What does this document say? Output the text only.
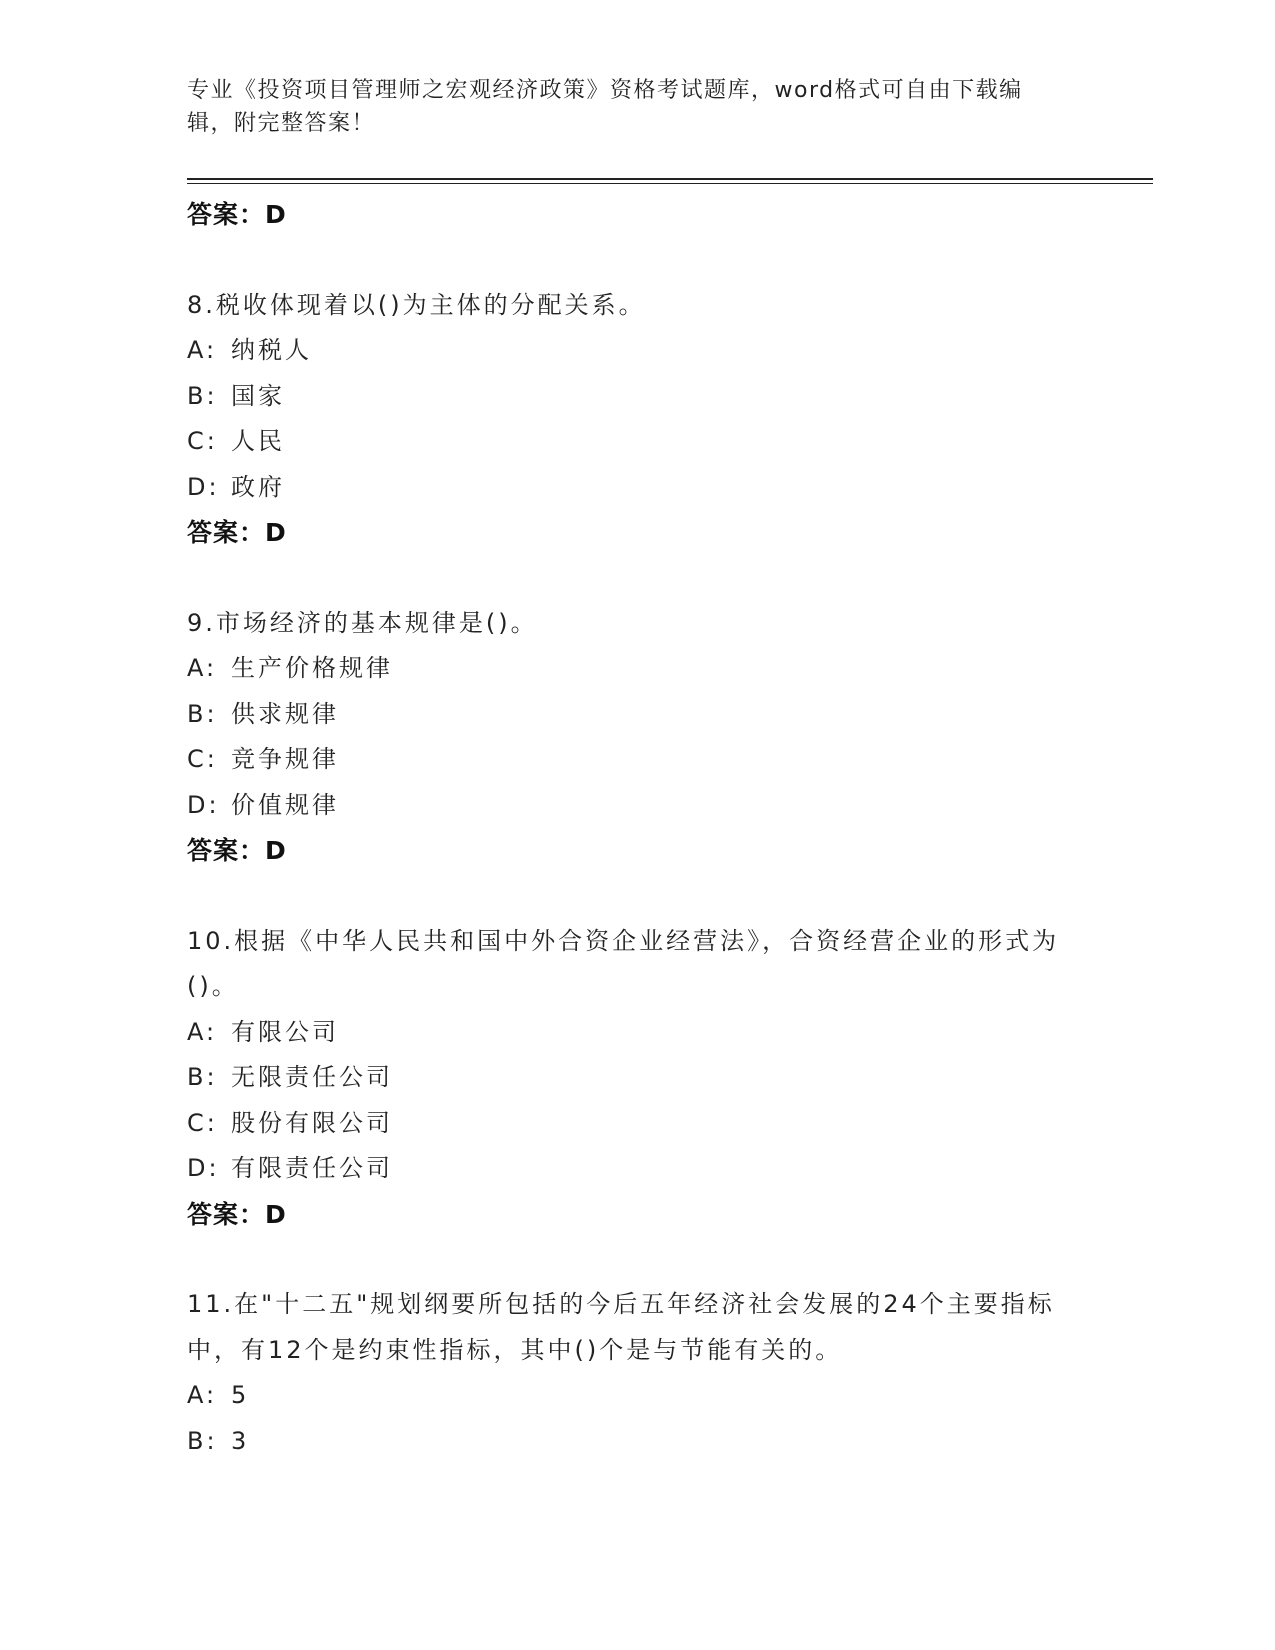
专业《投资项目管理师之宏观经济政策》资格考试题库，word格式可自由下载编辑，附完整答案！
答案：D
8.税收体现着以()为主体的分配关系。
A: 纳税人
B: 国家
C: 人民
D: 政府
答案：D
9.市场经济的基本规律是()。
A: 生产价格规律
B: 供求规律
C: 竞争规律
D: 价值规律
答案：D
10.根据《中华人民共和国中外合资企业经营法》，合资经营企业的形式为()。
A: 有限公司
B: 无限责任公司
C: 股份有限公司
D: 有限责任公司
答案：D
11.在"十二五"规划纲要所包括的今后五年经济社会发展的24个主要指标中，有12个是约束性指标，其中()个是与节能有关的。
A: 5
B: 3
